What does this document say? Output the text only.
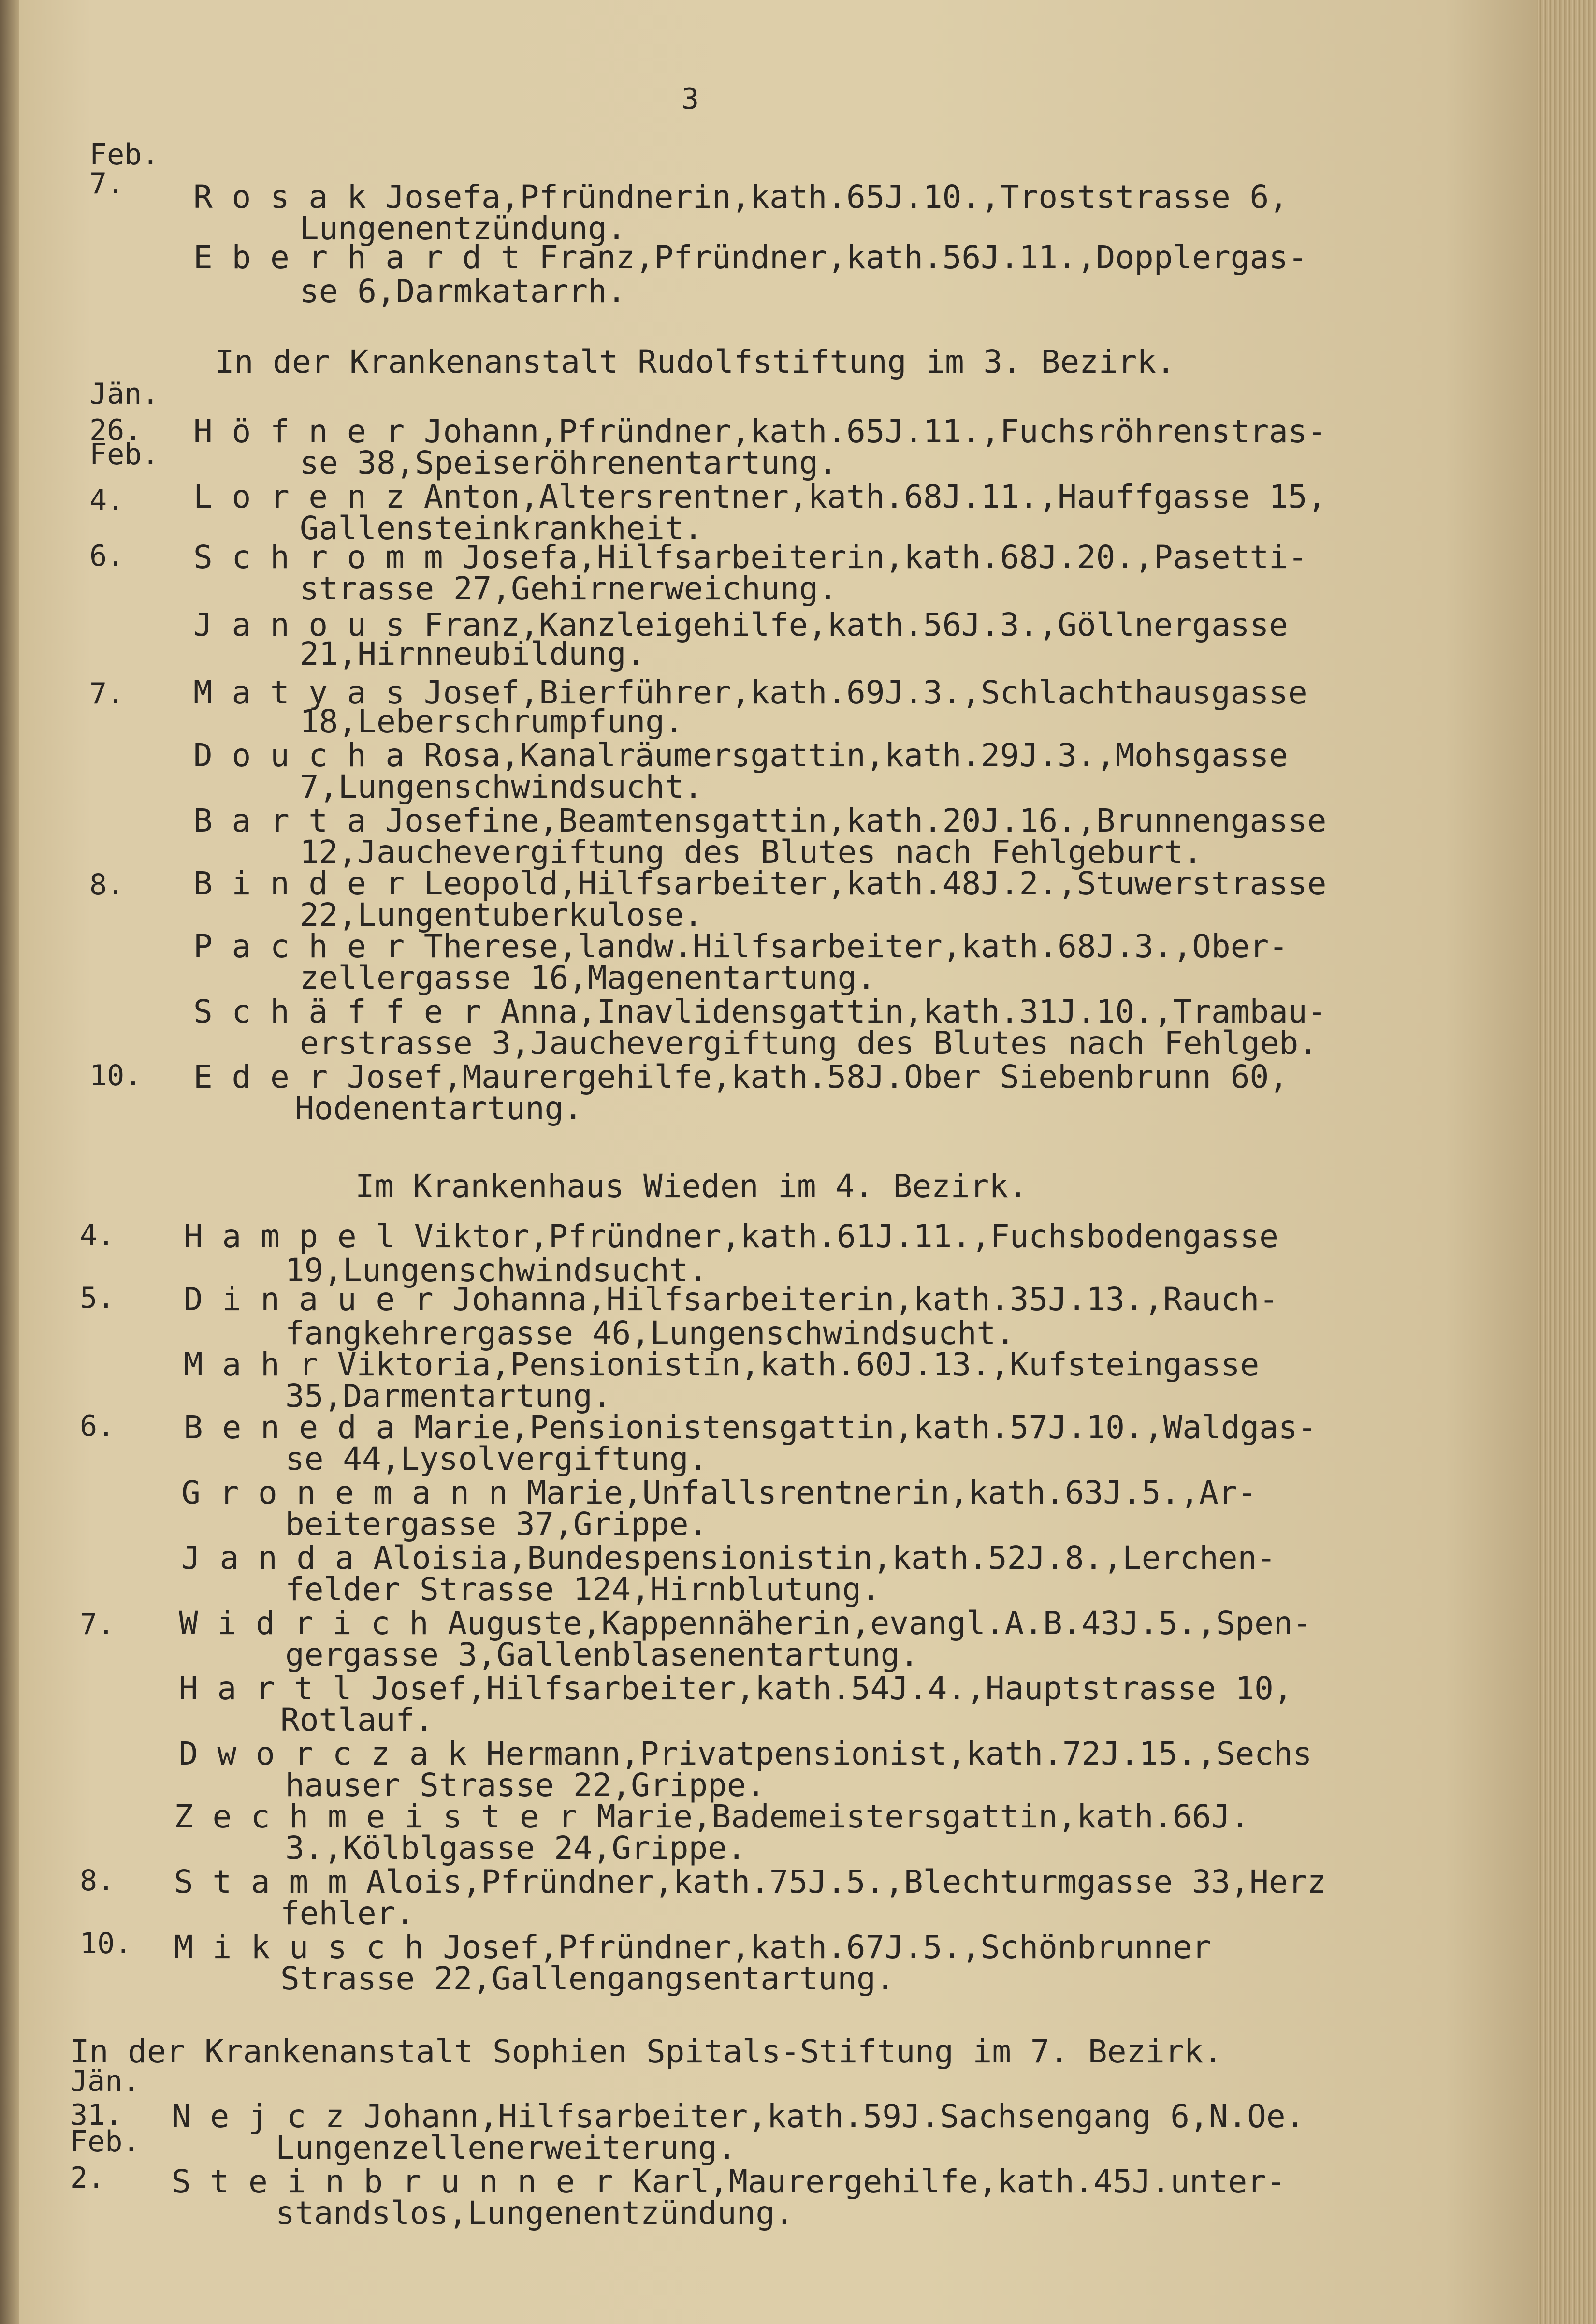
3
Feb.
7. R o s a k Josefa,Pfründnerin,kath.65J.10.,Troststrasse 6,
Lungenentzündung.
E b e r h a r d t Franz,Pfründner,kath.56J.11.,Dopplergas-
se 6,Darmkatarrh.
In der Krankenanstalt Rudolfstiftung im 3. Bezirk.
Jän.
26.
Feb.
4.
6.
7.
8.
10.
H ö f n e r Johann,Pfründner,kath.65J.11.,Fuchsröhrenstras-
se 38,Speiseröhrenentartung.
L o r e n z Anton,Altersrentner,kath.68J.11.,Hauffgasse 15,
Gallensteinkrankheit.
S c h r o m m Josefa,Hilfsarbeiterin,kath.68J.20.,Pasetti-
strasse 27,Gehirnerweichung.
J a n o u s Franz,Kanzleigehilfe,kath.56J.3.,Göllnergasse
21,Hirnneubildung.
M a t y a s Josef,Bierführer,kath.69J.3.,Schlachthausgasse
18,Leberschrumpfung.
D o u c h a Rosa,Kanalräumersgattin,kath.29J.3.,Mohsgasse
7,Lungenschwindsucht.
B a r t a Josefine,Beamtensgattin,kath.20J.16.,Brunnengasse
12,Jauchevergiftung des Blutes nach Fehlgeburt.
B i n d e r Leopold,Hilfsarbeiter,kath.48J.2.,Stuwerstrasse
22,Lungentuberkulose.
P a c h e r Therese,landw.Hilfsarbeiter,kath.68J.3.,Ober-
zellergasse 16,Magenentartung.
S c h ä f f e r Anna,Inavlidensgattin,kath.31J.10.,Trambau-
erstrasse 3,Jauchevergiftung des Blutes nach Fehlgeb.
E d e r Josef,Maurergehilfe,kath.58J.Ober Siebenbrunn 60,
Hodenentartung.
Im Krankenhaus Wieden im 4. Bezirk.
4.
5.
6.
7.
8.
10.
H a m p e l Viktor,Pfründner,kath.61J.11.,Fuchsbodengasse
19,Lungenschwindsucht.
D i n a u e r Johanna,Hilfsarbeiterin,kath.35J.13.,Rauch-
fangkehrergasse 46,Lungenschwindsucht.
M a h r Viktoria,Pensionistin,kath.60J.13.,Kufsteingasse
35,Darmentartung.
B e n e d a Marie,Pensionistensgattin,kath.57J.10.,Waldgas-
se 44,Lysolvergiftung.
G r o n e m a n n Marie,Unfallsrentnerin,kath.63J.5.,Ar-
beitergasse 37,Grippe.
J a n d a Aloisia,Bundespensionistin,kath.52J.8.,Lerchen-
felder Strasse 124,Hirnblutung.
W i d r i c h Auguste,Kappennäherin,evangl.A.B.43J.5.,Spen-
gergasse 3,Gallenblasenentartung.
H a r t l Josef,Hilfsarbeiter,kath.54J.4.,Hauptstrasse 10,
Rotlauf.
D w o r c z a k Hermann,Privatpensionist,kath.72J.15.,Sechs
hauser Strasse 22,Grippe.
Z e c h m e i s t e r Marie,Bademeistersgattin,kath.66J.
3.,Kölblgasse 24,Grippe.
S t a m m Alois,Pfründner,kath.75J.5.,Blechturmgasse 33,Herz
fehler.
M i k u s c h Josef,Pfründner,kath.67J.5.,Schönbrunner
Strasse 22,Gallengangsentartung.
In der Krankenanstalt Sophien Spitals-Stiftung im 7. Bezirk.
Jän.
31.
Feb.
2.
N e j c z Johann,Hilfsarbeiter,kath.59J.Sachsengang 6,N.Oe.
Lungenzellenerweiterung.
S t e i n b r u n n e r Karl,Maurergehilfe,kath.45J.unter-
standslos,Lungenentzündung.
